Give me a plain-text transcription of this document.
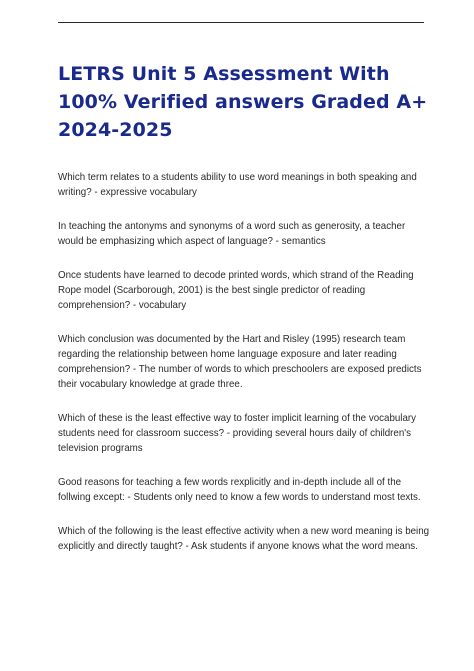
LETRS Unit 5 Assessment With 100% Verified answers Graded A+ 2024-2025

Which term relates to a students ability to use word meanings in both speaking and writing? - expressive vocabulary

In teaching the antonyms and synonyms of a word such as generosity, a teacher would be emphasizing which aspect of language? - semantics

Once students have learned to decode printed words, which strand of the Reading Rope model (Scarborough, 2001) is the best single predictor of reading comprehension? - vocabulary

Which conclusion was documented by the Hart and Risley (1995) research team regarding the relationship between home language exposure and later reading comprehension? - The number of words to which preschoolers are exposed predicts their vocabulary knowledge at grade three.

Which of these is the least effective way to foster implicit learning of the vocabulary students need for classroom success? - providing several hours daily of children's television programs

Good reasons for teaching a few words rexplicitly and in-depth include all of the follwing except: - Students only need to know a few words to understand most texts.

Which of the following is the least effective activity when a new word meaning is being explicitly and directly taught? - Ask students if anyone knows what the word means.
